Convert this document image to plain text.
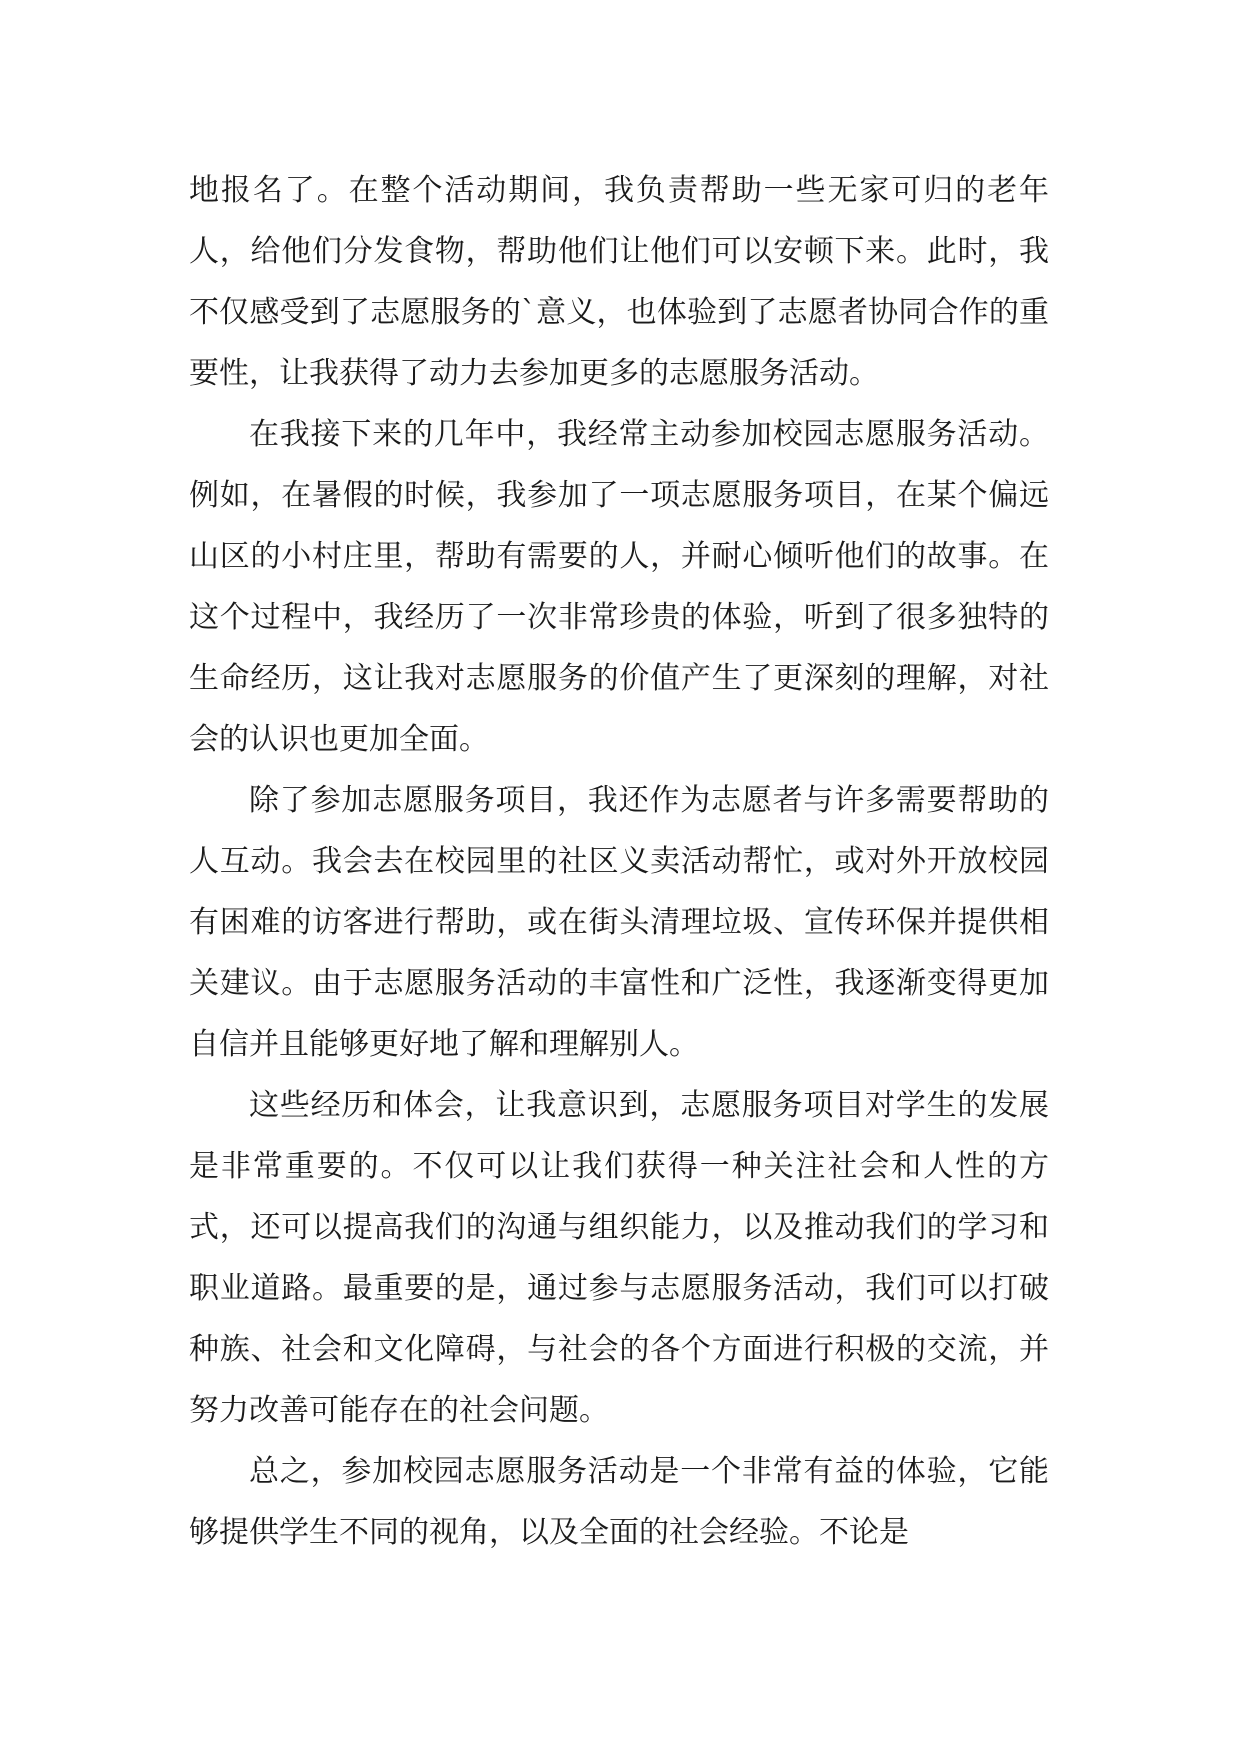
地报名了。在整个活动期间，我负责帮助一些无家可归的老年人，给他们分发食物，帮助他们让他们可以安顿下来。此时，我不仅感受到了志愿服务的`意义，也体验到了志愿者协同合作的重要性，让我获得了动力去参加更多的志愿服务活动。

在我接下来的几年中，我经常主动参加校园志愿服务活动。例如，在暑假的时候，我参加了一项志愿服务项目，在某个偏远山区的小村庄里，帮助有需要的人，并耐心倾听他们的故事。在这个过程中，我经历了一次非常珍贵的体验，听到了很多独特的生命经历，这让我对志愿服务的价值产生了更深刻的理解，对社会的认识也更加全面。

除了参加志愿服务项目，我还作为志愿者与许多需要帮助的人互动。我会去在校园里的社区义卖活动帮忙，或对外开放校园有困难的访客进行帮助，或在街头清理垃圾、宣传环保并提供相关建议。由于志愿服务活动的丰富性和广泛性，我逐渐变得更加自信并且能够更好地了解和理解别人。

这些经历和体会，让我意识到，志愿服务项目对学生的发展是非常重要的。不仅可以让我们获得一种关注社会和人性的方式，还可以提高我们的沟通与组织能力，以及推动我们的学习和职业道路。最重要的是，通过参与志愿服务活动，我们可以打破种族、社会和文化障碍，与社会的各个方面进行积极的交流，并努力改善可能存在的社会问题。

总之，参加校园志愿服务活动是一个非常有益的体验，它能够提供学生不同的视角，以及全面的社会经验。不论是
